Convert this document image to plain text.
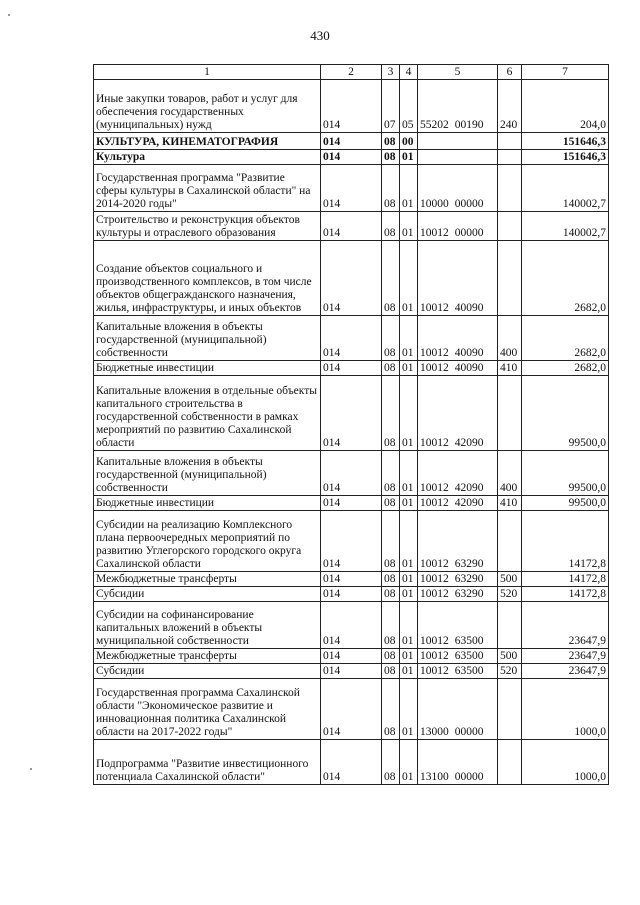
430
1	2	3	4	5	6	7
Иные закупки товаров, работ и услуг для обеспечения государственных (муниципальных) нужд	014	07	05	55202 00190	240	204,0
КУЛЬТУРА, КИНЕМАТОГРАФИЯ	014	08	00			151646,3
Культура	014	08	01			151646,3
Государственная программа "Развитие сферы культуры в Сахалинской области" на 2014-2020 годы"	014	08	01	10000 00000		140002,7
Строительство и реконструкция объектов культуры и отраслевого образования	014	08	01	10012 00000		140002,7
Создание объектов социального и производственного комплексов, в том числе объектов общегражданского назначения, жилья, инфраструктуры, и иных объектов	014	08	01	10012 40090		2682,0
Капитальные вложения в объекты государственной (муниципальной) собственности	014	08	01	10012 40090	400	2682,0
Бюджетные инвестиции	014	08	01	10012 40090	410	2682,0
Капитальные вложения в отдельные объекты капитального строительства в государственной собственности в рамках мероприятий по развитию Сахалинской области	014	08	01	10012 42090		99500,0
Капитальные вложения в объекты государственной (муниципальной) собственности	014	08	01	10012 42090	400	99500,0
Бюджетные инвестиции	014	08	01	10012 42090	410	99500,0
Субсидии на реализацию Комплексного плана первоочередных мероприятий по развитию Углегорского городского округа Сахалинской области	014	08	01	10012 63290		14172,8
Межбюджетные трансферты	014	08	01	10012 63290	500	14172,8
Субсидии	014	08	01	10012 63290	520	14172,8
Субсидии на софинансирование капитальных вложений в объекты муниципальной собственности	014	08	01	10012 63500		23647,9
Межбюджетные трансферты	014	08	01	10012 63500	500	23647,9
Субсидии	014	08	01	10012 63500	520	23647,9
Государственная программа Сахалинской области "Экономическое развитие и инновационная политика Сахалинской области на 2017-2022 годы"	014	08	01	13000 00000		1000,0
Подпрограмма "Развитие инвестиционного потенциала Сахалинской области"	014	08	01	13100 00000		1000,0
